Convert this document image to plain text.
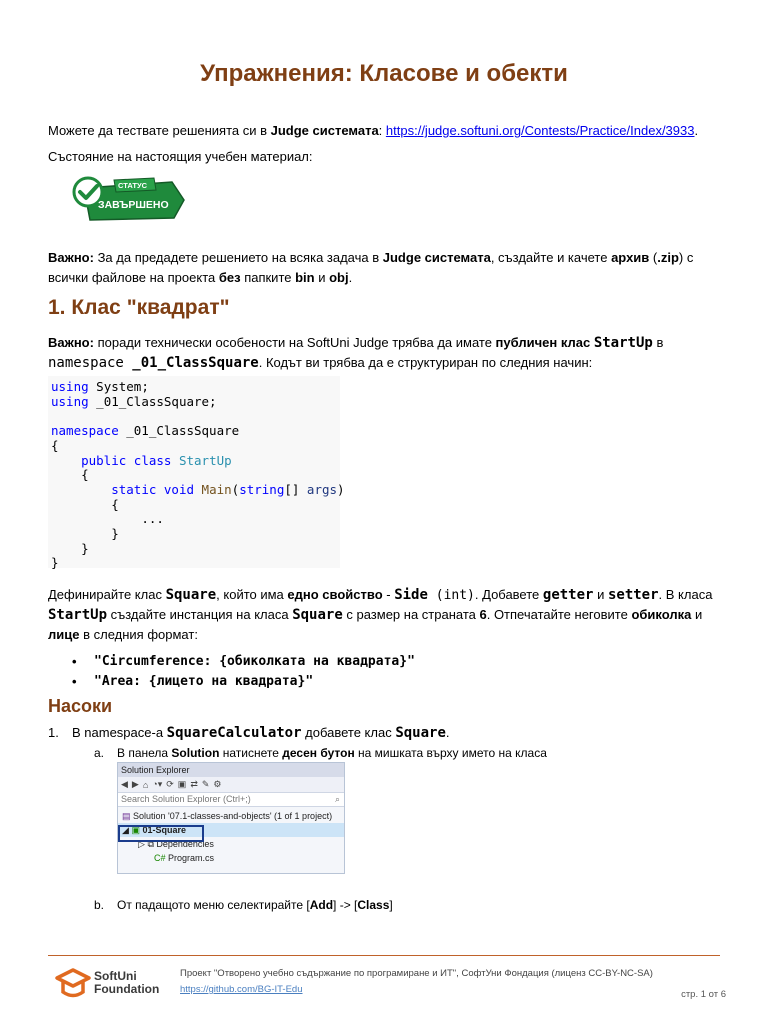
Упражнения: Класове и обекти
Можете да тествате решенията си в Judge системата: https://judge.softuni.org/Contests/Practice/Index/3933.
Състояние на настоящия учебен материал:
СТАТУС
ЗАВЪРШЕНО
Важно: За да предадете решението на всяка задача в Judge системата, създайте и качете архив (.zip) с всички файлове на проекта без папките bin и obj.
1. Клас "квадрат"
Важно: поради технически особености на SoftUni Judge трябва да имате публичен клас StartUp в
namespace _01_ClassSquare. Кодът ви трябва да е структуриран по следния начин:
using System;
using _01_ClassSquare;

namespace _01_ClassSquare
{
public class StartUp
{
static void Main(string[] args)
{
...
}
}
}
Дефинирайте клас Square, който има едно свойство - Side (int). Добавете getter и setter. В класа
StartUp създайте инстанция на класа Square с размер на страната 6. Отпечатайте неговите обиколка и
лице в следния формат:
• "Circumference: {обиколката на квадрата}"
• "Area: {лицето на квадрата}"
Насоки
1. В namespace-а SquareCalculator добавете клас Square.
a. В панела Solution натиснете десен бутон на мишката върху името на класа
Solution Explorer
◀ ▶ ⌂ ◔▾ ⟳ ▣ ⇄ ✎ ⚙
Search Solution Explorer (Ctrl+;)	⌕
▤ Solution '07.1-classes-and-objects' (1 of 1 project)
◢ ▣ 01-Square
▷ ⧉ Dependencies
C# Program.cs
b. От падащото меню селектирайте [Add] -> [Class]
SoftUni
Foundation
Проект "Отворено учебно съдържание по програмиране и ИТ", СофтУни Фондация (лиценз CC-BY-NC-SA)
https://github.com/BG-IT-Edu	стр. 1 от 6
